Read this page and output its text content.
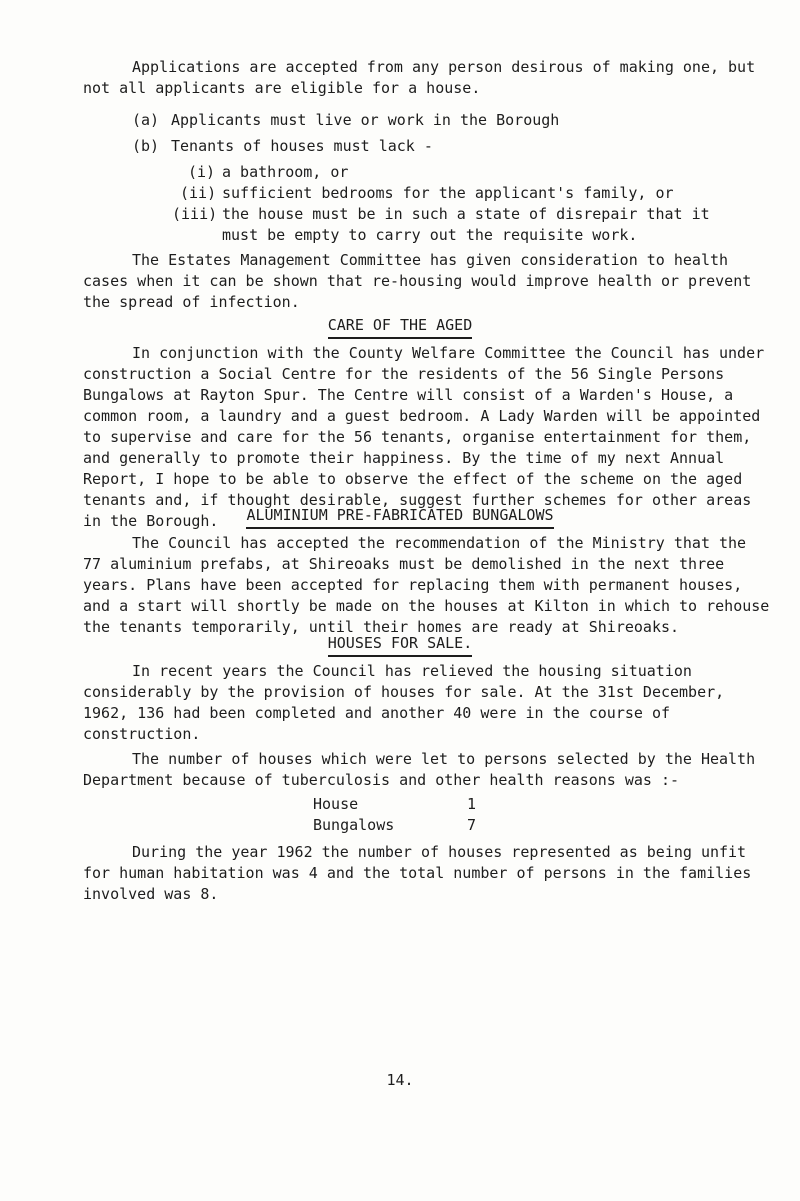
Applications are accepted from any person desirous of making one, but not all applicants are eligible for a house.

(a) Applicants must live or work in the Borough
(b) Tenants of houses must lack -
(i) a bathroom, or
(ii) sufficient bedrooms for the applicant's family, or
(iii) the house must be in such a state of disrepair that it
must be empty to carry out the requisite work.

The Estates Management Committee has given consideration to health cases when it can be shown that re-housing would improve health or prevent the spread of infection.

CARE OF THE AGED

In conjunction with the County Welfare Committee the Council has under construction a Social Centre for the residents of the 56 Single Persons Bungalows at Rayton Spur. The Centre will consist of a Warden's House, a common room, a laundry and a guest bedroom. A Lady Warden will be appointed to supervise and care for the 56 tenants, organise entertainment for them, and generally to promote their happiness. By the time of my next Annual Report, I hope to be able to observe the effect of the scheme on the aged tenants and, if thought desirable, suggest further schemes for other areas in the Borough.	ALUMINIUM PRE-FABRICATED BUNGALOWS

The Council has accepted the recommendation of the Ministry that the 77 aluminium prefabs, at Shireoaks must be demolished in the next three years. Plans have been accepted for replacing them with permanent houses, and a start will shortly be made on the houses at Kilton in which to rehouse the tenants temporarily, until their homes are ready at Shireoaks.

HOUSES FOR SALE.

In recent years the Council has relieved the housing situation considerably by the provision of houses for sale. At the 31st December, 1962, 136 had been completed and another 40 were in the course of construction.

The number of houses which were let to persons selected by the Health Department because of tuberculosis and other health reasons was :-

House	1
Bungalows	7

During the year 1962 the number of houses represented as being unfit for human habitation was 4 and the total number of persons in the families involved was 8.

14.
